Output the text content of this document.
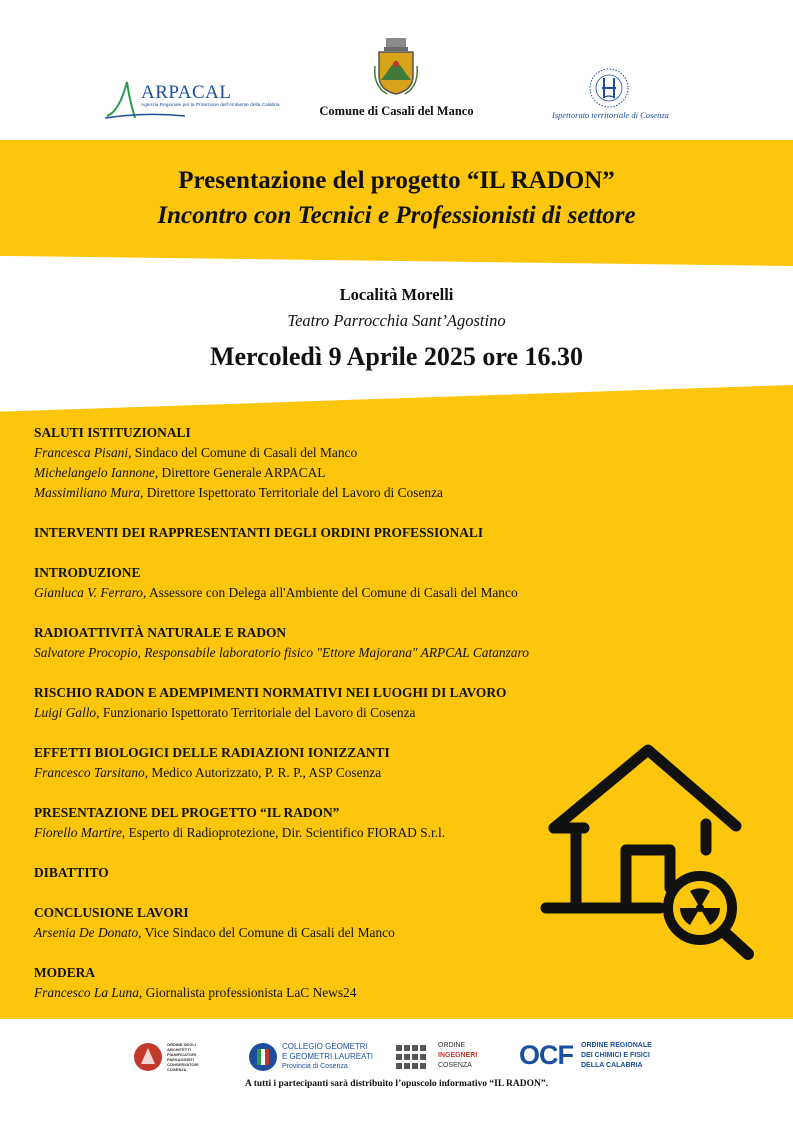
ARPACAL
Agenzia Regionale per la Protezione dell'Ambiente della Calabria	Comune di Casali del Manco	Ispettorato territoriale di Cosenza
Presentazione del progetto “IL RADON”
Incontro con Tecnici e Professionisti di settore
Località Morelli
Teatro Parrocchia Sant’Agostino
Mercoledì 9 Aprile 2025 ore 16.30
SALUTI ISTITUZIONALI
Francesca Pisani, Sindaco del Comune di Casali del Manco
Michelangelo Iannone, Direttore Generale ARPACAL
Massimiliano Mura, Direttore Ispettorato Territoriale del Lavoro di Cosenza
INTERVENTI DEI RAPPRESENTANTI DEGLI ORDINI PROFESSIONALI
INTRODUZIONE
Gianluca V. Ferraro, Assessore con Delega all'Ambiente del Comune di Casali del Manco
RADIOATTIVITÀ NATURALE E RADON
Salvatore Procopio, Responsabile laboratorio fisico "Ettore Majorana" ARPCAL Catanzaro
RISCHIO RADON E ADEMPIMENTI NORMATIVI NEI LUOGHI DI LAVORO
Luigi Gallo, Funzionario Ispettorato Territoriale del Lavoro di Cosenza
EFFETTI BIOLOGICI DELLE RADIAZIONI IONIZZANTI
Francesco Tarsitano, Medico Autorizzato, P. R. P., ASP Cosenza
PRESENTAZIONE DEL PROGETTO “IL RADON”
Fiorello Martire, Esperto di Radioprotezione, Dir. Scientifico FIORAD S.r.l.
DIBATTITO
CONCLUSIONE LAVORI
Arsenia De Donato, Vice Sindaco del Comune di Casali del Manco
MODERA
Francesco La Luna, Giornalista professionista LaC News24
ORDINE DEGLI ARCHITETTI PIANIFICATORI PAESAGGISTI CONSERVATORI COSENZA
COLLEGIO GEOMETRI
E GEOMETRI LAUREATI
Provincia di Cosenza
ORDINE
INGEGNERI
COSENZA OCF ORDINE REGIONALE
DEI CHIMICI E FISICI
DELLA CALABRIA
A tutti i partecipanti sarà distribuito l’opuscolo informativo “IL RADON”.
